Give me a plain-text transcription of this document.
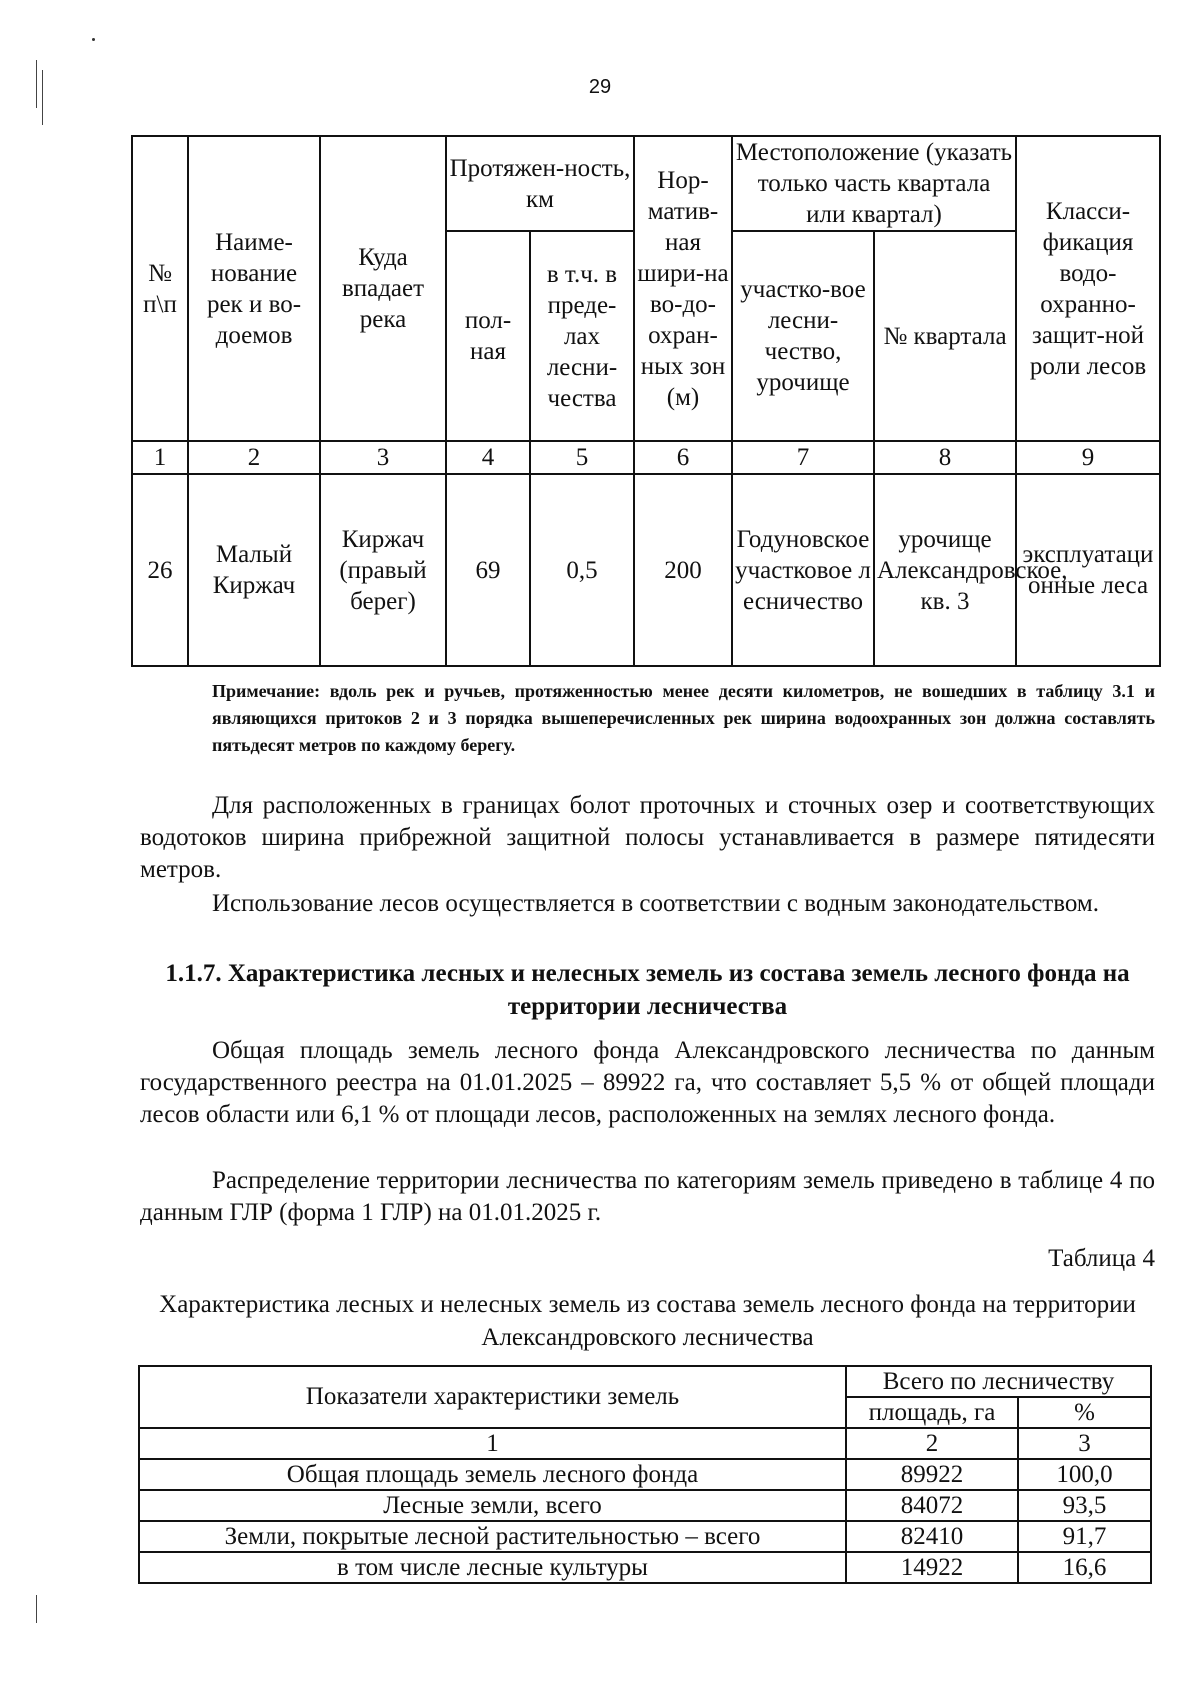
29
№ п\п	Наиме-нование рек и во-доемов	Куда впадает река	Протяжен-ность, км		Нор-матив-ная шири-на во-до-охран-ных зон (м)	Местоположение (указать только часть квартала или квартал)		Класси-фикация водо-охранно-защит-ной роли лесов
			пол-ная	в т.ч. в преде-лах лесни-чества		участко-вое лесни-чество, урочище	№ квартала	
1	2	3	4	5	6	7	8	9
26	Малый Киржач	Киржач (правый берег)	69	0,5	200	Годуновское участковое лесничество	урочище Александровское, кв. 3	эксплуатационные леса
Примечание: вдоль рек и ручьев, протяженностью менее десяти километров, не вошедших в таблицу 3.1 и являющихся притоков 2 и 3 порядка вышеперечисленных рек ширина водоохранных зон должна составлять пятьдесят метров по каждому берегу.

Для расположенных в границах болот проточных и сточных озер и соответствующих водотоков ширина прибрежной защитной полосы устанавливается в размере пятидесяти метров.

Использование лесов осуществляется в соответствии с водным законодательством.

1.1.7. Характеристика лесных и нелесных земель из состава земель лесного фонда на территории лесничества

Общая площадь земель лесного фонда Александровского лесничества по данным государственного реестра на 01.01.2025 – 89922 га, что составляет 5,5 % от общей площади лесов области или 6,1 % от площади лесов, расположенных на землях лесного фонда.

Распределение территории лесничества по категориям земель приведено в таблице 4 по данным ГЛР (форма 1 ГЛР) на 01.01.2025 г.

Таблица 4

Характеристика лесных и нелесных земель из состава земель лесного фонда на территории Александровского лесничества

Показатели характеристики земель	Всего по лесничеству	
	площадь, га	%
1	2	3
Общая площадь земель лесного фонда	89922	100,0
Лесные земли, всего	84072	93,5
Земли, покрытые лесной растительностью – всего	82410	91,7
в том числе лесные культуры	14922	16,6
